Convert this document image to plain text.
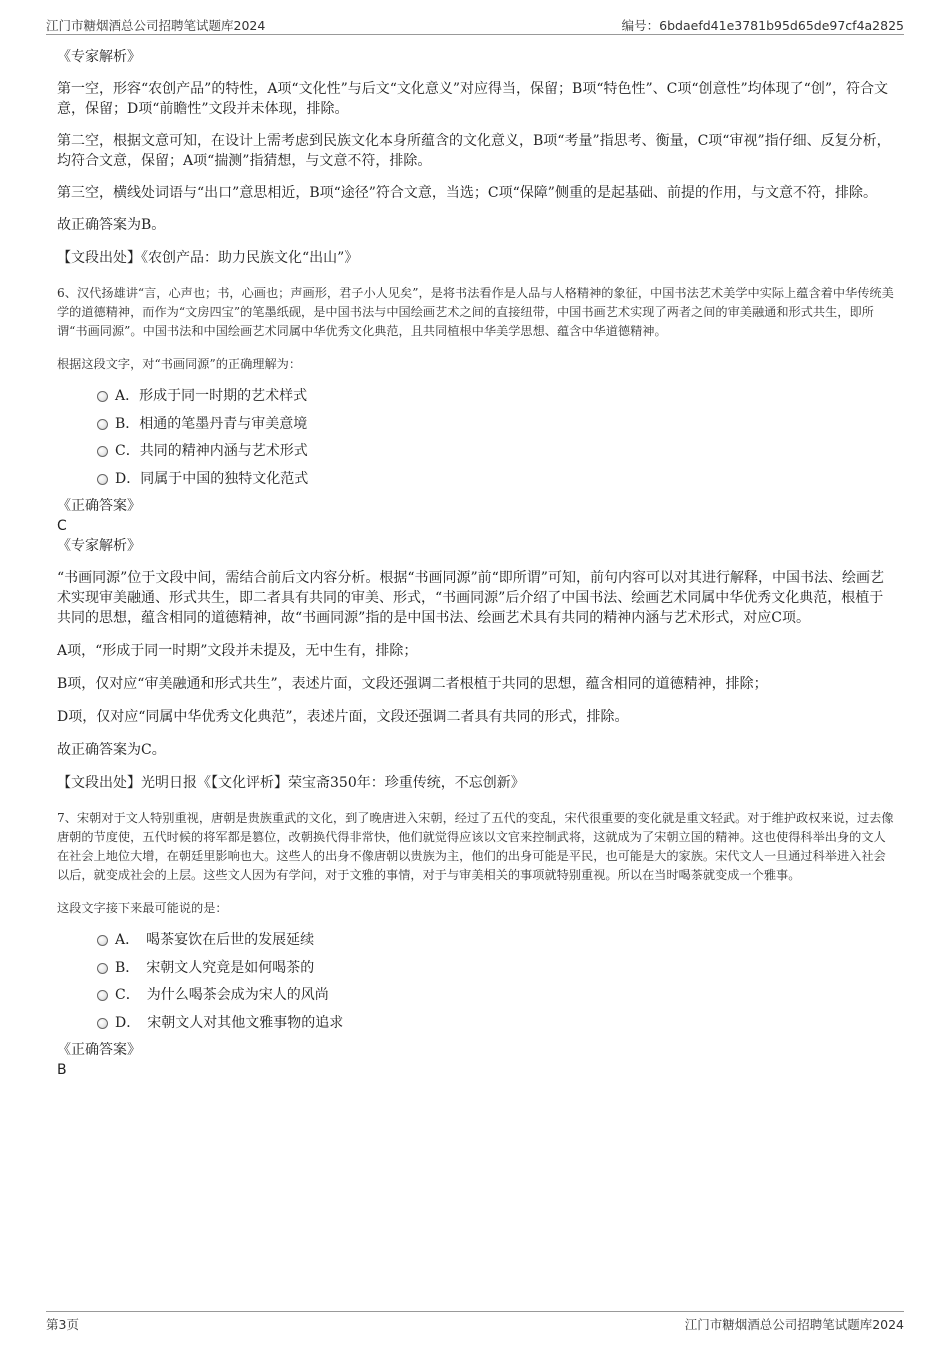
江门市糖烟酒总公司招聘笔试题库2024	编号：6bdaefd41e3781b95d65de97cf4a2825

《专家解析》

第一空，形容“农创产品”的特性，A项“文化性”与后文“文化意义”对应得当，保留；B项“特色性”、C项“创意性”均体现了“创”，符合文意，保留；D项“前瞻性”文段并未体现，排除。

第二空，根据文意可知，在设计上需考虑到民族文化本身所蕴含的文化意义，B项“考量”指思考、衡量，C项“审视”指仔细、反复分析，均符合文意，保留；A项“揣测”指猜想，与文意不符，排除。

第三空，横线处词语与“出口”意思相近，B项“途径”符合文意，当选；C项“保障”侧重的是起基础、前提的作用，与文意不符，排除。

故正确答案为B。

【文段出处】《农创产品：助力民族文化“出山”》

6、汉代扬雄讲“言，心声也；书，心画也；声画形，君子小人见矣”，是将书法看作是人品与人格精神的象征，中国书法艺术美学中实际上蕴含着中华传统美学的道德精神，而作为“文房四宝”的笔墨纸砚，是中国书法与中国绘画艺术之间的直接纽带，中国书画艺术实现了两者之间的审美融通和形式共生，即所谓“书画同源”。中国书法和中国绘画艺术同属中华优秀文化典范，且共同植根中华美学思想、蕴含中华道德精神。

根据这段文字，对“书画同源”的正确理解为：

A．形成于同一时期的艺术样式
B．相通的笔墨丹青与审美意境
C．共同的精神内涵与艺术形式
D．同属于中国的独特文化范式

《正确答案》

C

《专家解析》

“书画同源”位于文段中间，需结合前后文内容分析。根据“书画同源”前“即所谓”可知，前句内容可以对其进行解释，中国书法、绘画艺术实现审美融通、形式共生，即二者具有共同的审美、形式，“书画同源”后介绍了中国书法、绘画艺术同属中华优秀文化典范，根植于共同的思想，蕴含相同的道德精神，故“书画同源”指的是中国书法、绘画艺术具有共同的精神内涵与艺术形式，对应C项。

A项，“形成于同一时期”文段并未提及，无中生有，排除；

B项，仅对应“审美融通和形式共生”，表述片面，文段还强调二者根植于共同的思想，蕴含相同的道德精神，排除；

D项，仅对应“同属中华优秀文化典范”，表述片面，文段还强调二者具有共同的形式，排除。

故正确答案为C。

【文段出处】光明日报《【文化评析】荣宝斋350年：珍重传统，不忘创新》

7、宋朝对于文人特别重视，唐朝是贵族重武的文化，到了晚唐进入宋朝，经过了五代的变乱，宋代很重要的变化就是重文轻武。对于维护政权来说，过去像唐朝的节度使，五代时候的将军都是篡位，改朝换代得非常快，他们就觉得应该以文官来控制武将，这就成为了宋朝立国的精神。这也使得科举出身的文人在社会上地位大增，在朝廷里影响也大。这些人的出身不像唐朝以贵族为主，他们的出身可能是平民，也可能是大的家族。宋代文人一旦通过科举进入社会以后，就变成社会的上层。这些文人因为有学问，对于文雅的事情，对于与审美相关的事项就特别重视。所以在当时喝茶就变成一个雅事。

这段文字接下来最可能说的是：

A．　喝茶宴饮在后世的发展延续
B．　宋朝文人究竟是如何喝茶的
C．　为什么喝茶会成为宋人的风尚
D．　宋朝文人对其他文雅事物的追求

《正确答案》

B

第3页	江门市糖烟酒总公司招聘笔试题库2024
